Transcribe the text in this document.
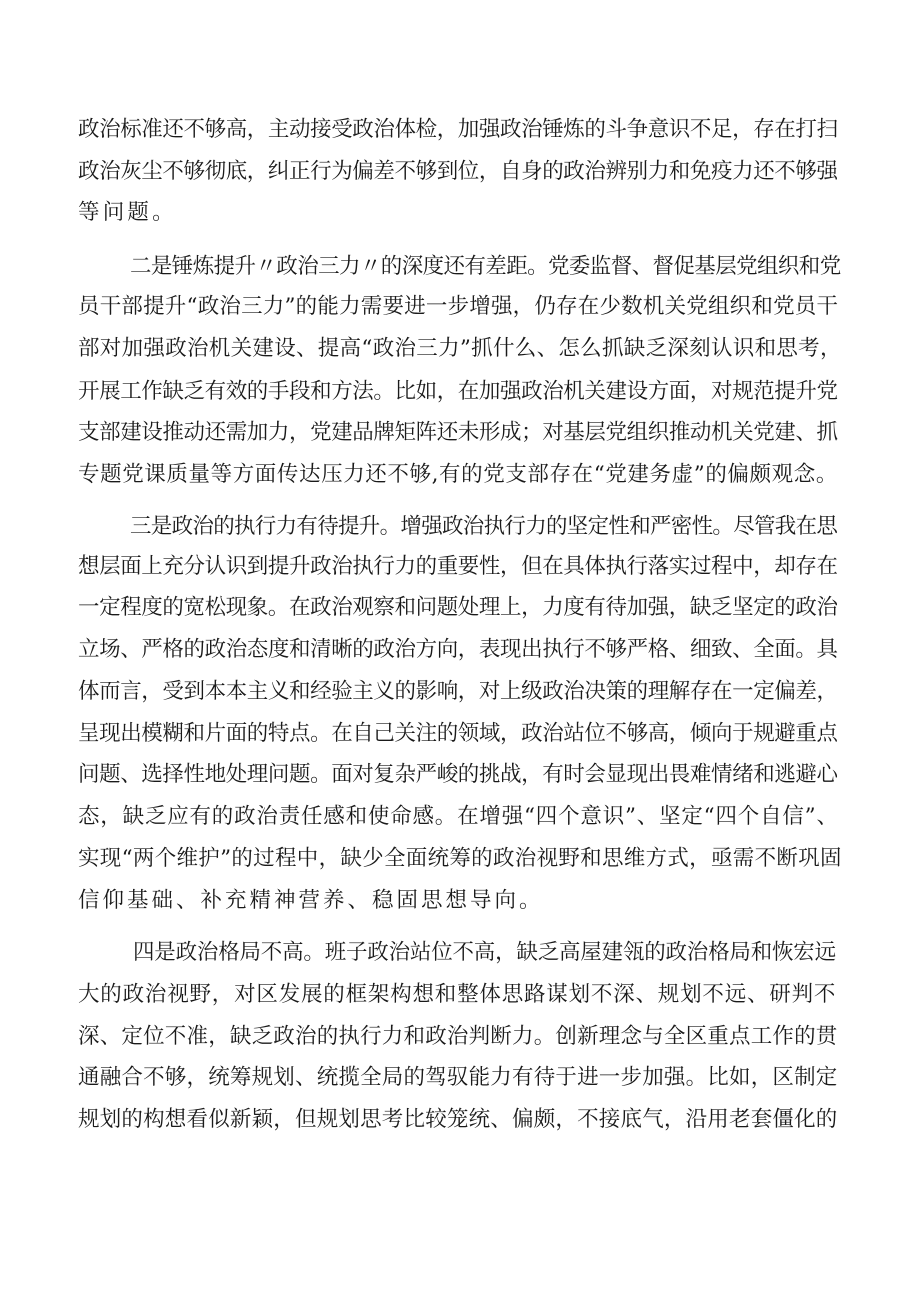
政治标准还不够高，主动接受政治体检，加强政治锤炼的斗争意识不足，存在打扫
政治灰尘不够彻底，纠正行为偏差不够到位，自身的政治辨别力和免疫力还不够强
等问题。
二是锤炼提升〃政治三力〃的深度还有差距。党委监督、督促基层党组织和党
员干部提升“政治三力”的能力需要进一步增强，仍存在少数机关党组织和党员干
部对加强政治机关建设、提高“政治三力”抓什么、怎么抓缺乏深刻认识和思考，
开展工作缺乏有效的手段和方法。比如，在加强政治机关建设方面，对规范提升党
支部建设推动还需加力，党建品牌矩阵还未形成；对基层党组织推动机关党建、抓
专题党课质量等方面传达压力还不够,有的党支部存在“党建务虚”的偏颇观念。
三是政治的执行力有待提升。增强政治执行力的坚定性和严密性。尽管我在思
想层面上充分认识到提升政治执行力的重要性，但在具体执行落实过程中，却存在
一定程度的宽松现象。在政治观察和问题处理上，力度有待加强，缺乏坚定的政治
立场、严格的政治态度和清晰的政治方向，表现出执行不够严格、细致、全面。具
体而言，受到本本主义和经验主义的影响，对上级政治决策的理解存在一定偏差，
呈现出模糊和片面的特点。在自己关注的领域，政治站位不够高，倾向于规避重点
问题、选择性地处理问题。面对复杂严峻的挑战，有时会显现出畏难情绪和逃避心
态，缺乏应有的政治责任感和使命感。在增强“四个意识”、坚定“四个自信”、
实现“两个维护”的过程中，缺少全面统筹的政治视野和思维方式，亟需不断巩固
信仰基础、补充精神营养、稳固思想导向。
四是政治格局不高。班子政治站位不高，缺乏高屋建瓴的政治格局和恢宏远
大的政治视野，对区发展的框架构想和整体思路谋划不深、规划不远、研判不
深、定位不准，缺乏政治的执行力和政治判断力。创新理念与全区重点工作的贯
通融合不够，统筹规划、统揽全局的驾驭能力有待于进一步加强。比如，区制定
规划的构想看似新颖，但规划思考比较笼统、偏颇，不接底气，沿用老套僵化的
